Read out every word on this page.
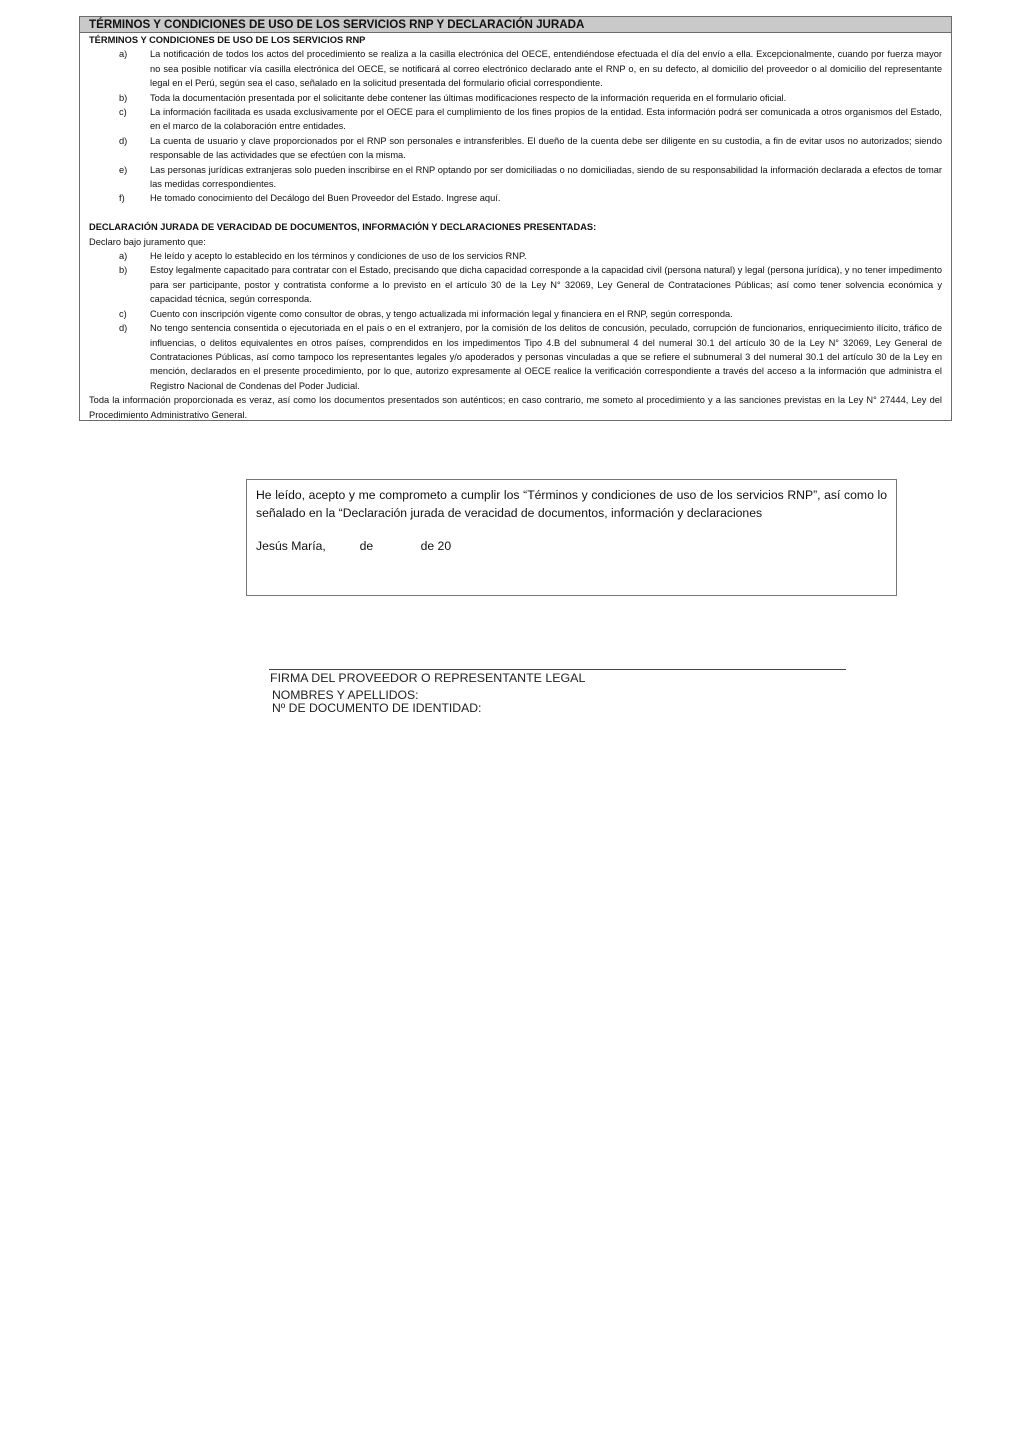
TÉRMINOS Y CONDICIONES DE USO DE LOS SERVICIOS RNP Y DECLARACIÓN JURADA
TÉRMINOS Y CONDICIONES DE USO DE LOS SERVICIOS RNP
a)	La notificación de todos los actos del procedimiento se realiza a la casilla electrónica del OECE, entendiéndose efectuada el día del envío a ella. Excepcionalmente, cuando por fuerza mayor no sea posible notificar vía casilla electrónica del OECE, se notificará al correo electrónico declarado ante el RNP o, en su defecto, al domicilio del proveedor o al domicilio del representante legal en el Perú, según sea el caso, señalado en la solicitud presentada del formulario oficial correspondiente.
b)	Toda la documentación presentada por el solicitante debe contener las últimas modificaciones respecto de la información requerida en el formulario oficial.
c)	La información facilitada es usada exclusivamente por el OECE para el cumplimiento de los fines propios de la entidad. Esta información podrá ser comunicada a otros organismos del Estado, en el marco de la colaboración entre entidades.
d)	La cuenta de usuario y clave proporcionados por el RNP son personales e intransferibles. El dueño de la cuenta debe ser diligente en su custodia, a fin de evitar usos no autorizados; siendo responsable de las actividades que se efectúen con la misma.
e)	Las personas jurídicas extranjeras solo pueden inscribirse en el RNP optando por ser domiciliadas o no domiciliadas, siendo de su responsabilidad la información declarada a efectos de tomar las medidas correspondientes.
f)	He tomado conocimiento del Decálogo del Buen Proveedor del Estado. Ingrese aquí.
DECLARACIÓN JURADA DE VERACIDAD DE DOCUMENTOS, INFORMACIÓN Y DECLARACIONES PRESENTADAS:
Declaro bajo juramento que:
a)	He leído y acepto lo establecido en los términos y condiciones de uso de los servicios RNP.
b)	Estoy legalmente capacitado para contratar con el Estado, precisando que dicha capacidad corresponde a la capacidad civil (persona natural) y legal (persona jurídica), y no tener impedimento para ser participante, postor y contratista conforme a lo previsto en el artículo 30 de la Ley N° 32069, Ley General de Contrataciones Públicas; así como tener solvencia económica y capacidad técnica, según corresponda.
c)	Cuento con inscripción vigente como consultor de obras, y tengo actualizada mi información legal y financiera en el RNP, según corresponda.
d)	No tengo sentencia consentida o ejecutoriada en el país o en el extranjero, por la comisión de los delitos de concusión, peculado, corrupción de funcionarios, enriquecimiento ilícito, tráfico de influencias, o delitos equivalentes en otros países, comprendidos en los impedimentos Tipo 4.B del subnumeral 4 del numeral 30.1 del artículo 30 de la Ley N° 32069, Ley General de Contrataciones Públicas, así como tampoco los representantes legales y/o apoderados y personas vinculadas a que se refiere el subnumeral 3 del numeral 30.1 del artículo 30 de la Ley en mención, declarados en el presente procedimiento, por lo que, autorizo expresamente al OECE realice la verificación correspondiente a través del acceso a la información que administra el Registro Nacional de Condenas del Poder Judicial.
Toda la información proporcionada es veraz, así como los documentos presentados son auténticos; en caso contrario, me someto al procedimiento y a las sanciones previstas en la Ley N° 27444, Ley del Procedimiento Administrativo General.
He leído, acepto y me comprometo a cumplir los “Términos y condiciones de uso de los servicios RNP”, así como lo señalado en la “Declaración jurada de veracidad de documentos, información y declaraciones
Jesús María,	de	de 20
FIRMA DEL PROVEEDOR O REPRESENTANTE LEGAL
NOMBRES Y APELLIDOS:
Nº DE DOCUMENTO DE IDENTIDAD:
